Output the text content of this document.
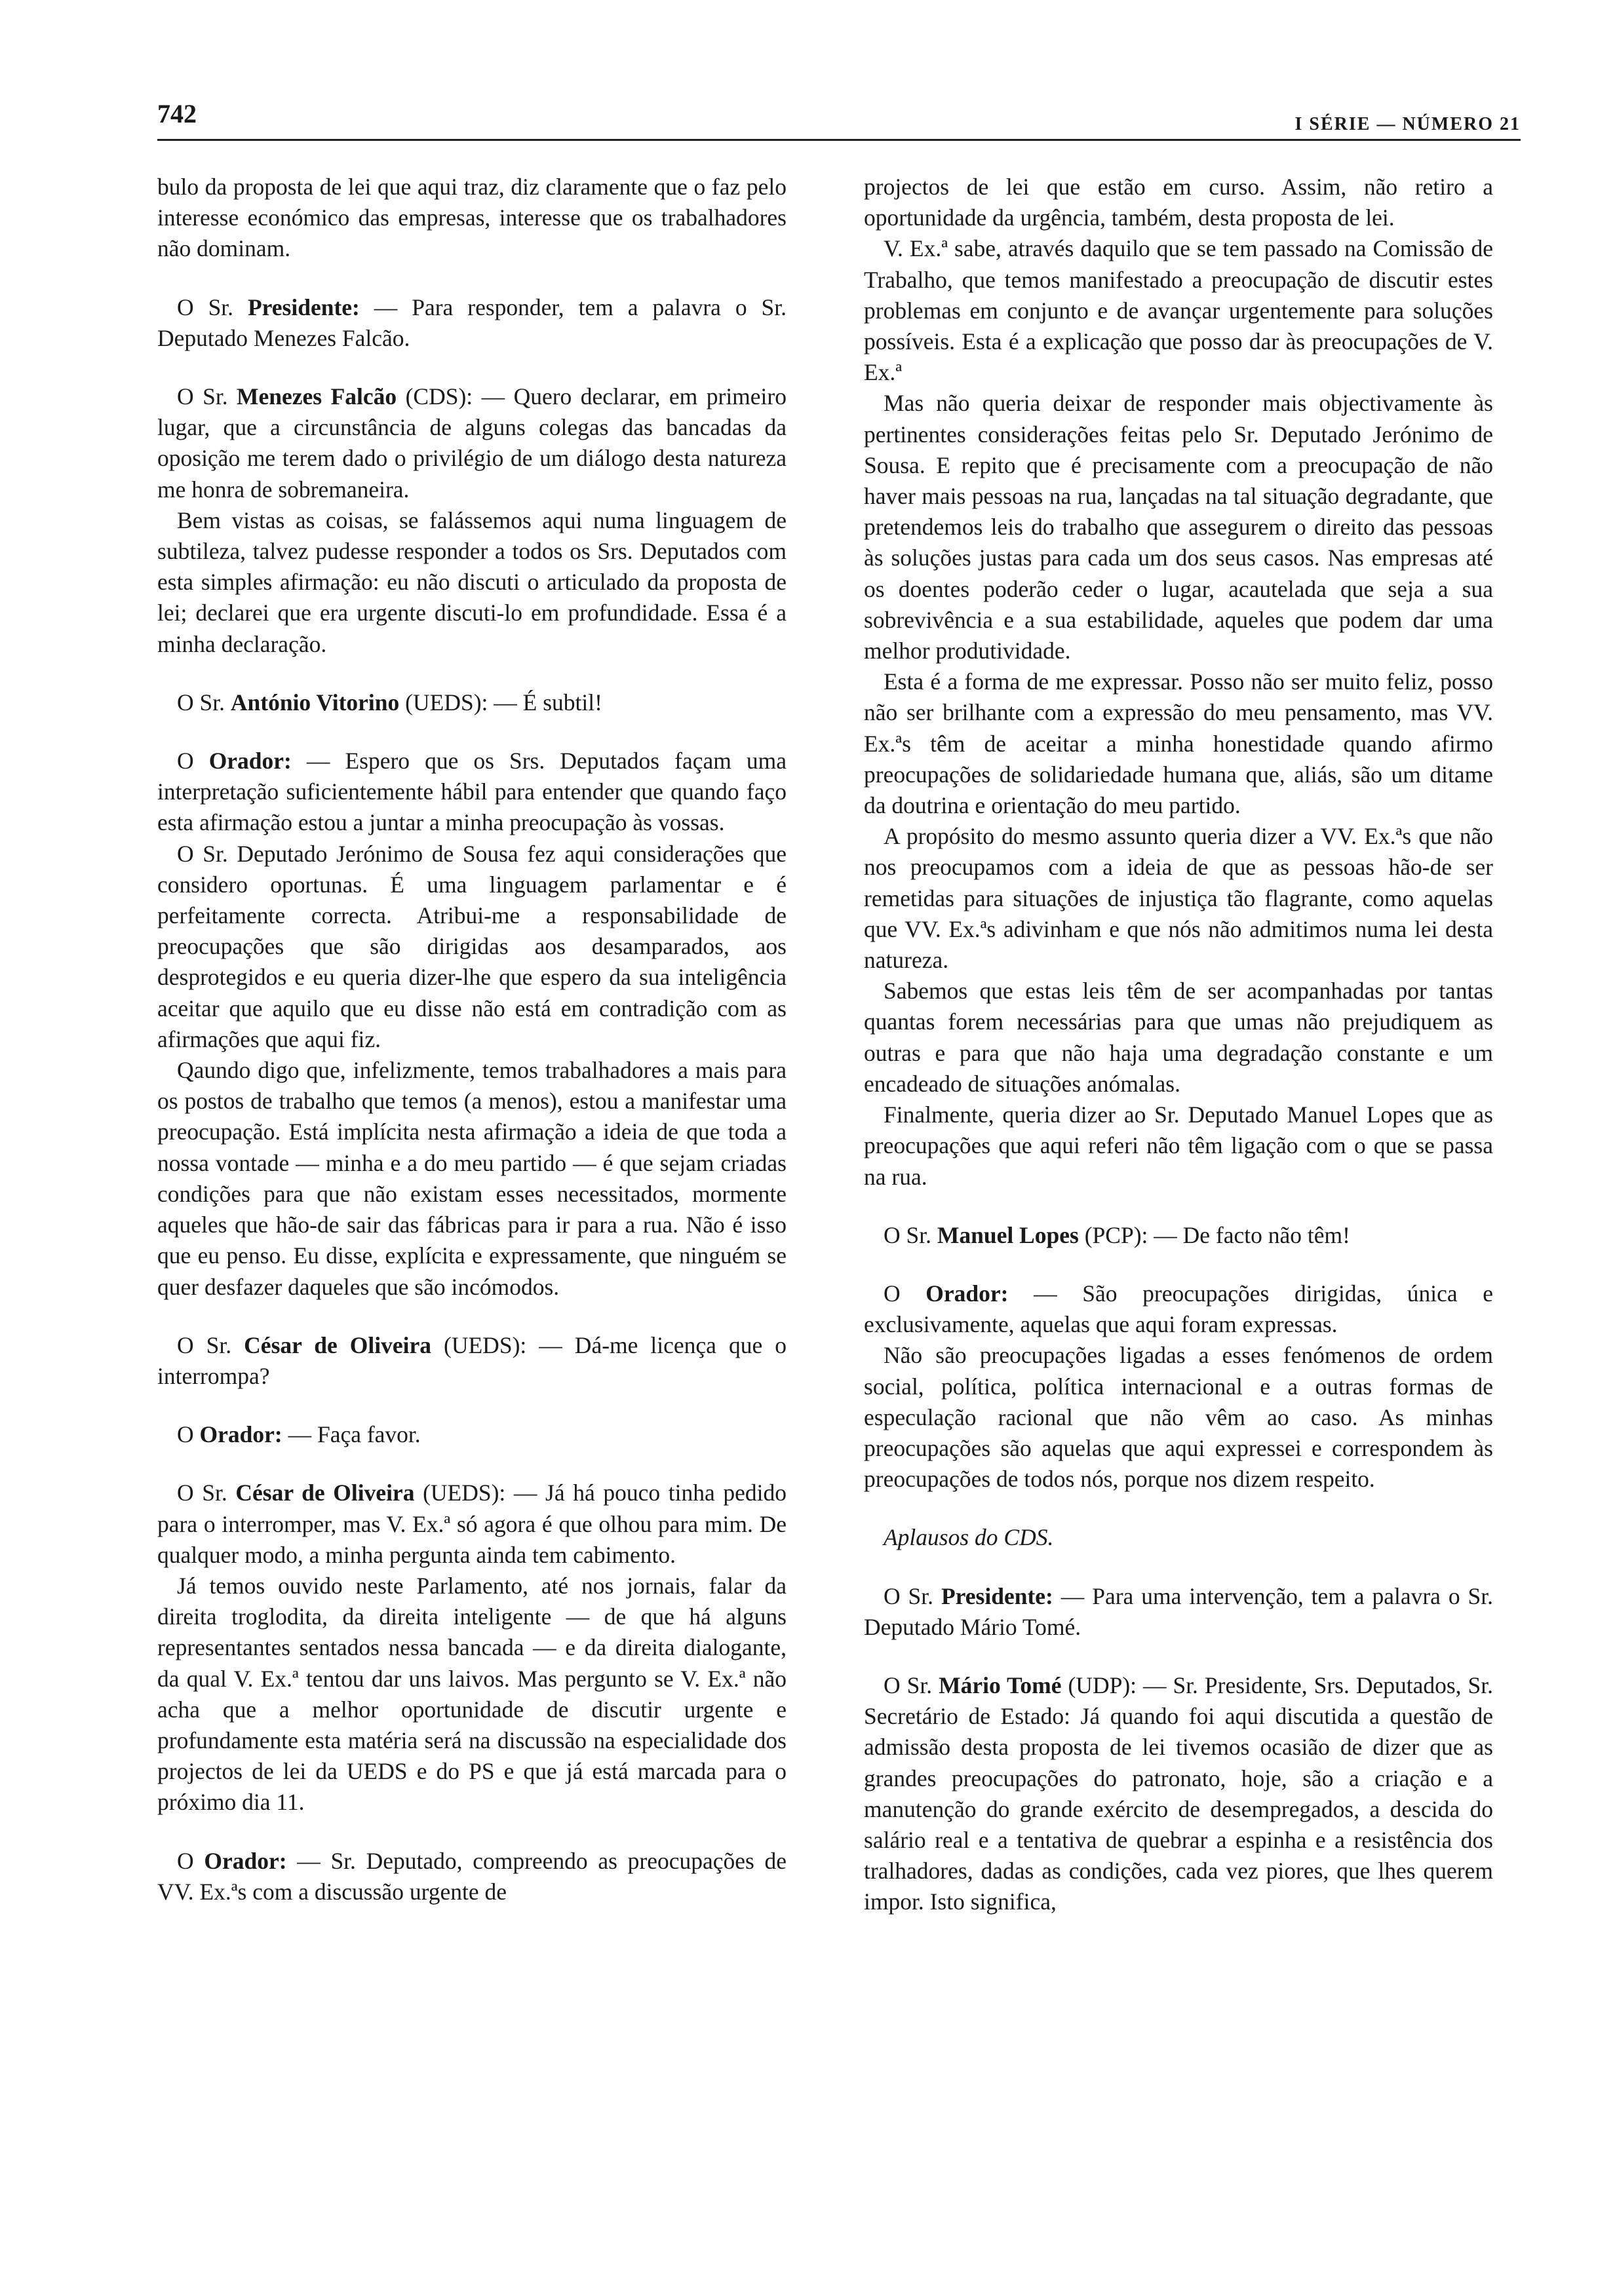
742	I SÉRIE — NÚMERO 21

bulo da proposta de lei que aqui traz, diz claramente que o faz pelo interesse económico das empresas, interesse que os trabalhadores não dominam.

O Sr. Presidente: — Para responder, tem a palavra o Sr. Deputado Menezes Falcão.

O Sr. Menezes Falcão (CDS): — Quero declarar, em primeiro lugar, que a circunstância de alguns colegas das bancadas da oposição me terem dado o privilégio de um diálogo desta natureza me honra de sobremaneira.

Bem vistas as coisas, se falássemos aqui numa linguagem de subtileza, talvez pudesse responder a todos os Srs. Deputados com esta simples afirmação: eu não discuti o articulado da proposta de lei; declarei que era urgente discuti-lo em profundidade. Essa é a minha declaração.

O Sr. António Vitorino (UEDS): — É subtil!

O Orador: — Espero que os Srs. Deputados façam uma interpretação suficientemente hábil para entender que quando faço esta afirmação estou a juntar a minha preocupação às vossas.

O Sr. Deputado Jerónimo de Sousa fez aqui considerações que considero oportunas. É uma linguagem parlamentar e é perfeitamente correcta. Atribui-me a responsabilidade de preocupações que são dirigidas aos desamparados, aos desprotegidos e eu queria dizer-lhe que espero da sua inteligência aceitar que aquilo que eu disse não está em contradição com as afirmações que aqui fiz.

Qaundo digo que, infelizmente, temos trabalhadores a mais para os postos de trabalho que temos (a menos), estou a manifestar uma preocupação. Está implícita nesta afirmação a ideia de que toda a nossa vontade — minha e a do meu partido — é que sejam criadas condições para que não existam esses necessitados, mormente aqueles que hão-de sair das fábricas para ir para a rua. Não é isso que eu penso. Eu disse, explícita e expressamente, que ninguém se quer desfazer daqueles que são incómodos.

O Sr. César de Oliveira (UEDS): — Dá-me licença que o interrompa?

O Orador: — Faça favor.

O Sr. César de Oliveira (UEDS): — Já há pouco tinha pedido para o interromper, mas V. Ex.ª só agora é que olhou para mim. De qualquer modo, a minha pergunta ainda tem cabimento.

Já temos ouvido neste Parlamento, até nos jornais, falar da direita troglodita, da direita inteligente — de que há alguns representantes sentados nessa bancada — e da direita dialogante, da qual V. Ex.ª tentou dar uns laivos. Mas pergunto se V. Ex.ª não acha que a melhor oportunidade de discutir urgente e profundamente esta matéria será na discussão na especialidade dos projectos de lei da UEDS e do PS e que já está marcada para o próximo dia 11.

O Orador: — Sr. Deputado, compreendo as preocupações de VV. Ex.ªs com a discussão urgente de

projectos de lei que estão em curso. Assim, não retiro a oportunidade da urgência, também, desta proposta de lei.

V. Ex.ª sabe, através daquilo que se tem passado na Comissão de Trabalho, que temos manifestado a preocupação de discutir estes problemas em conjunto e de avançar urgentemente para soluções possíveis. Esta é a explicação que posso dar às preocupações de V. Ex.ª

Mas não queria deixar de responder mais objectivamente às pertinentes considerações feitas pelo Sr. Deputado Jerónimo de Sousa. E repito que é precisamente com a preocupação de não haver mais pessoas na rua, lançadas na tal situação degradante, que pretendemos leis do trabalho que assegurem o direito das pessoas às soluções justas para cada um dos seus casos. Nas empresas até os doentes poderão ceder o lugar, acautelada que seja a sua sobrevivência e a sua estabilidade, aqueles que podem dar uma melhor produtividade.

Esta é a forma de me expressar. Posso não ser muito feliz, posso não ser brilhante com a expressão do meu pensamento, mas VV. Ex.ªs têm de aceitar a minha honestidade quando afirmo preocupações de solidariedade humana que, aliás, são um ditame da doutrina e orientação do meu partido.

A propósito do mesmo assunto queria dizer a VV. Ex.ªs que não nos preocupamos com a ideia de que as pessoas hão-de ser remetidas para situações de injustiça tão flagrante, como aquelas que VV. Ex.ªs adivinham e que nós não admitimos numa lei desta natureza.

Sabemos que estas leis têm de ser acompanhadas por tantas quantas forem necessárias para que umas não prejudiquem as outras e para que não haja uma degradação constante e um encadeado de situações anómalas.

Finalmente, queria dizer ao Sr. Deputado Manuel Lopes que as preocupações que aqui referi não têm ligação com o que se passa na rua.

O Sr. Manuel Lopes (PCP): — De facto não têm!

O Orador: — São preocupações dirigidas, única e exclusivamente, aquelas que aqui foram expressas.

Não são preocupações ligadas a esses fenómenos de ordem social, política, política internacional e a outras formas de especulação racional que não vêm ao caso. As minhas preocupações são aquelas que aqui expressei e correspondem às preocupações de todos nós, porque nos dizem respeito.

Aplausos do CDS.

O Sr. Presidente: — Para uma intervenção, tem a palavra o Sr. Deputado Mário Tomé.

O Sr. Mário Tomé (UDP): — Sr. Presidente, Srs. Deputados, Sr. Secretário de Estado: Já quando foi aqui discutida a questão de admissão desta proposta de lei tivemos ocasião de dizer que as grandes preocupações do patronato, hoje, são a criação e a manutenção do grande exército de desempregados, a descida do salário real e a tentativa de quebrar a espinha e a resistência dos tralhadores, dadas as condições, cada vez piores, que lhes querem impor. Isto significa,
